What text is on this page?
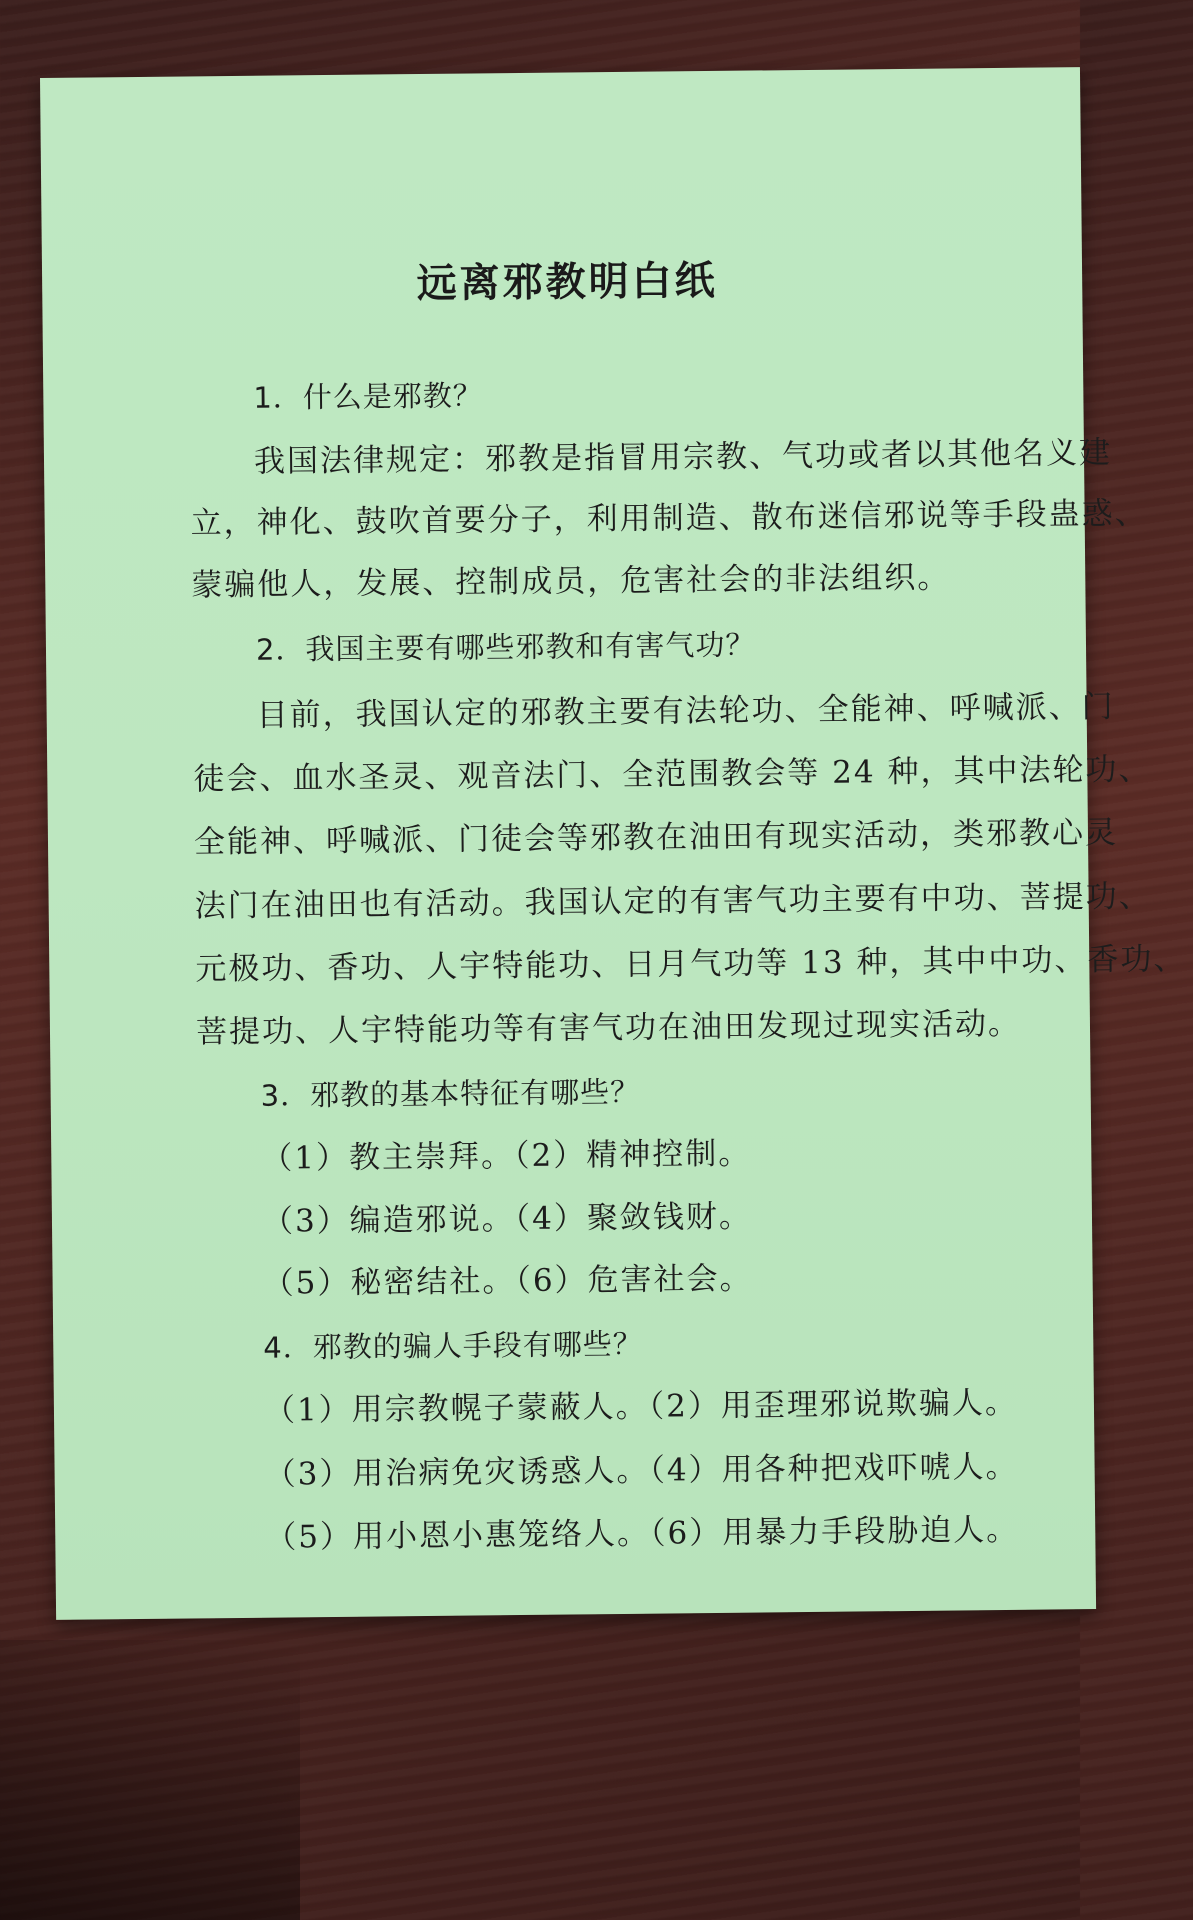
远离邪教明白纸
1．什么是邪教？
我国法律规定：邪教是指冒用宗教、气功或者以其他名义建
立，神化、鼓吹首要分子，利用制造、散布迷信邪说等手段蛊惑、
蒙骗他人，发展、控制成员，危害社会的非法组织。
2．我国主要有哪些邪教和有害气功？
目前，我国认定的邪教主要有法轮功、全能神、呼喊派、门
徒会、血水圣灵、观音法门、全范围教会等 24 种，其中法轮功、
全能神、呼喊派、门徒会等邪教在油田有现实活动，类邪教心灵
法门在油田也有活动。我国认定的有害气功主要有中功、菩提功、
元极功、香功、人宇特能功、日月气功等 13 种，其中中功、香功、
菩提功、人宇特能功等有害气功在油田发现过现实活动。
3．邪教的基本特征有哪些？
（1）教主崇拜。（2）精神控制。
（3）编造邪说。（4）聚敛钱财。
（5）秘密结社。（6）危害社会。
4．邪教的骗人手段有哪些？
（1）用宗教幌子蒙蔽人。（2）用歪理邪说欺骗人。
（3）用治病免灾诱惑人。（4）用各种把戏吓唬人。
（5）用小恩小惠笼络人。（6）用暴力手段胁迫人。
